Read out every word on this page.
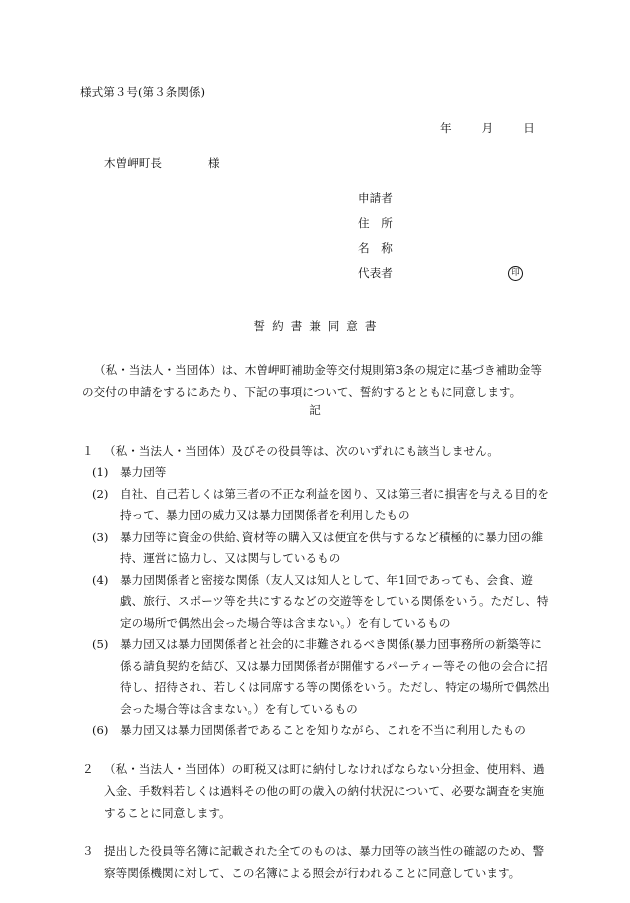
様式第３号(第３条関係)
年	月	日
木曽岬町長	様
申請者
住　所
名　称
代表者	印
誓約書兼同意書
（私・当法人・当団体）は、木曽岬町補助金等交付規則第3条の規定に基づき補助金等の交付の申請をするにあたり、下記の事項について、誓約するとともに同意します。
記
１ （私・当法人・当団体）及びその役員等は、次のいずれにも該当しません。
(1) 暴力団等
(2) 自社、自己若しくは第三者の不正な利益を図り、又は第三者に損害を与える目的を持って、暴力団の威力又は暴力団関係者を利用したもの
(3) 暴力団等に資金の供給､資材等の購入又は便宜を供与するなど積極的に暴力団の維持、運営に協力し、又は関与しているもの
(4) 暴力団関係者と密接な関係（友人又は知人として、年1回であっても、会食、遊戯、旅行、スポーツ等を共にするなどの交遊等をしている関係をいう。ただし、特定の場所で偶然出会った場合等は含まない。）を有しているもの
(5) 暴力団又は暴力団関係者と社会的に非難されるべき関係(暴力団事務所の新築等に係る請負契約を結び、又は暴力団関係者が開催するパーティー等その他の会合に招待し、招待され、若しくは同席する等の関係をいう。ただし、特定の場所で偶然出会った場合等は含まない。）を有しているもの
(6) 暴力団又は暴力団関係者であることを知りながら、これを不当に利用したもの
２ （私・当法人・当団体）の町税又は町に納付しなければならない分担金、使用料、過入金、手数料若しくは過料その他の町の歳入の納付状況について、必要な調査を実施することに同意します。
３ 提出した役員等名簿に記載された全てのものは、暴力団等の該当性の確認のため、警察等関係機関に対して、この名簿による照会が行われることに同意しています。
